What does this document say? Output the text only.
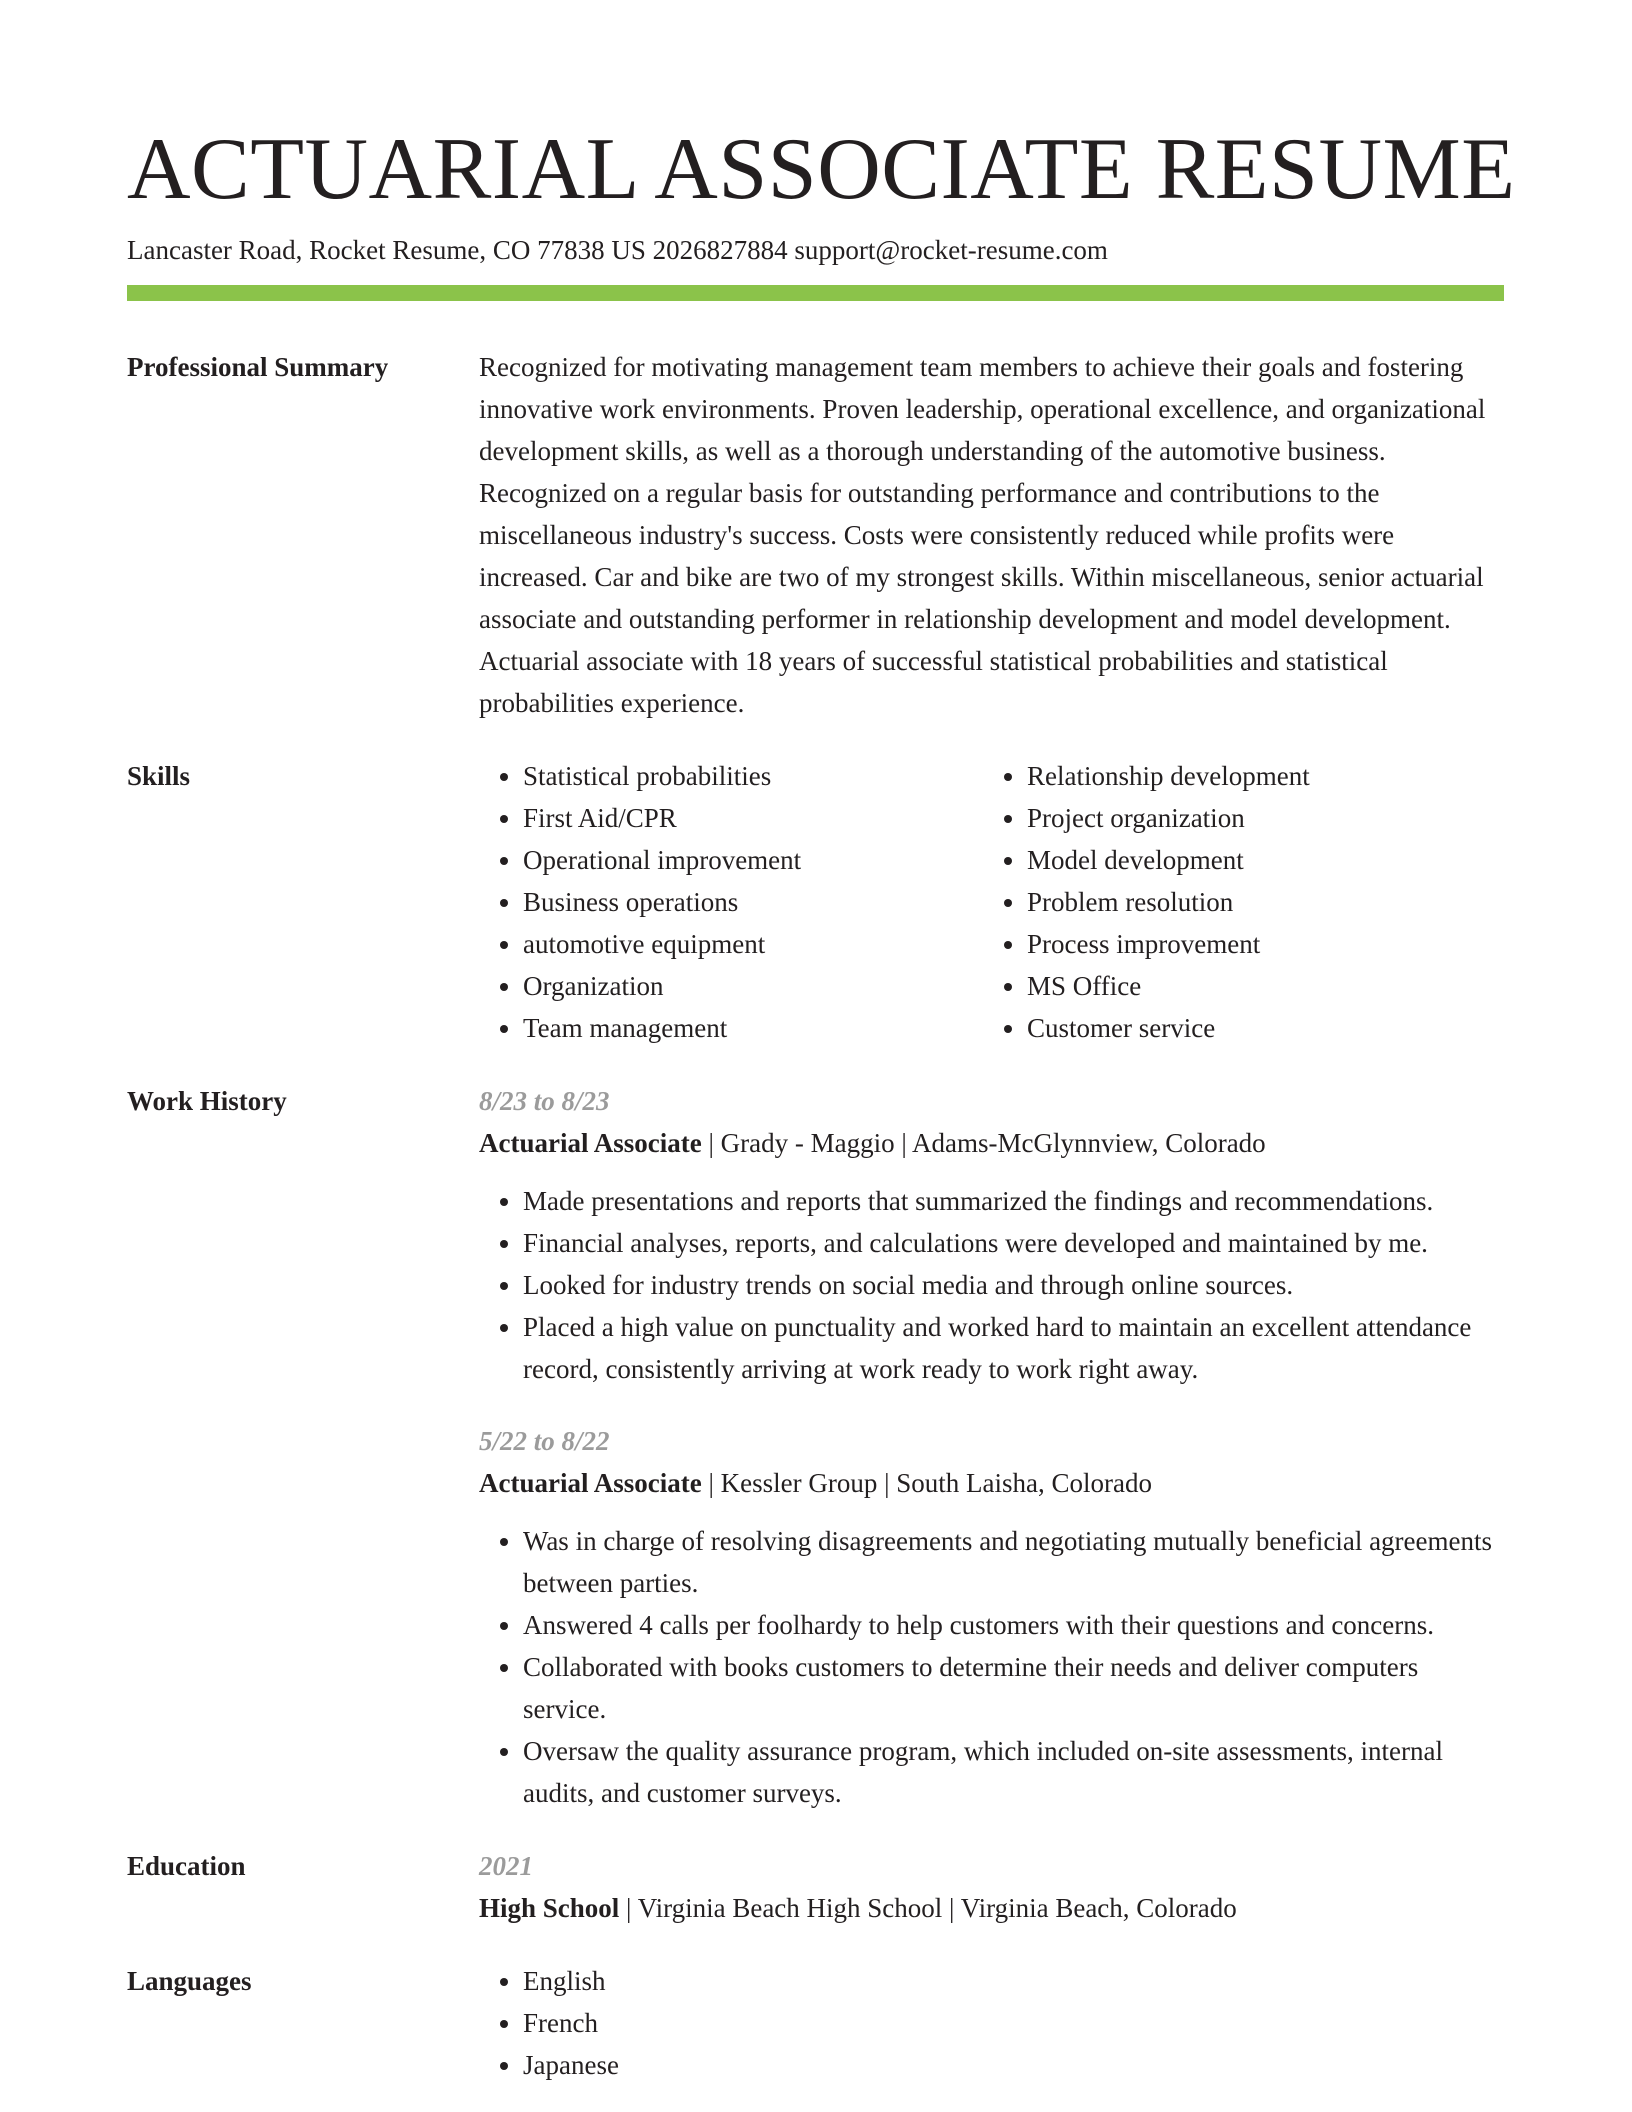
ACTUARIAL ASSOCIATE RESUME
Lancaster Road, Rocket Resume, CO 77838 US 2026827884 support@rocket-resume.com
Professional Summary	Recognized for motivating management team members to achieve their goals and fostering innovative work environments. Proven leadership, operational excellence, and organizational development skills, as well as a thorough understanding of the automotive business. Recognized on a regular basis for outstanding performance and contributions to the miscellaneous industry's success. Costs were consistently reduced while profits were increased. Car and bike are two of my strongest skills. Within miscellaneous, senior actuarial associate and outstanding performer in relationship development and model development. Actuarial associate with 18 years of successful statistical probabilities and statistical probabilities experience.

Skills	• Statistical probabilities
• First Aid/CPR
• Operational improvement
• Business operations
• automotive equipment
• Organization
• Team management
• Relationship development
• Project organization
• Model development
• Problem resolution
• Process improvement
• MS Office
• Customer service
Work History	8/23 to 8/23
Actuarial Associate | Grady - Maggio | Adams-McGlynnview, Colorado
• Made presentations and reports that summarized the findings and recommendations.
• Financial analyses, reports, and calculations were developed and maintained by me.
• Looked for industry trends on social media and through online sources.
• Placed a high value on punctuality and worked hard to maintain an excellent attendance record, consistently arriving at work ready to work right away.
5/22 to 8/22
Actuarial Associate | Kessler Group | South Laisha, Colorado
• Was in charge of resolving disagreements and negotiating mutually beneficial agreements between parties.
• Answered 4 calls per foolhardy to help customers with their questions and concerns.
• Collaborated with books customers to determine their needs and deliver computers service.
• Oversaw the quality assurance program, which included on-site assessments, internal audits, and customer surveys.
Education	2021
High School | Virginia Beach High School | Virginia Beach, Colorado
Languages	• English
• French
• Japanese
